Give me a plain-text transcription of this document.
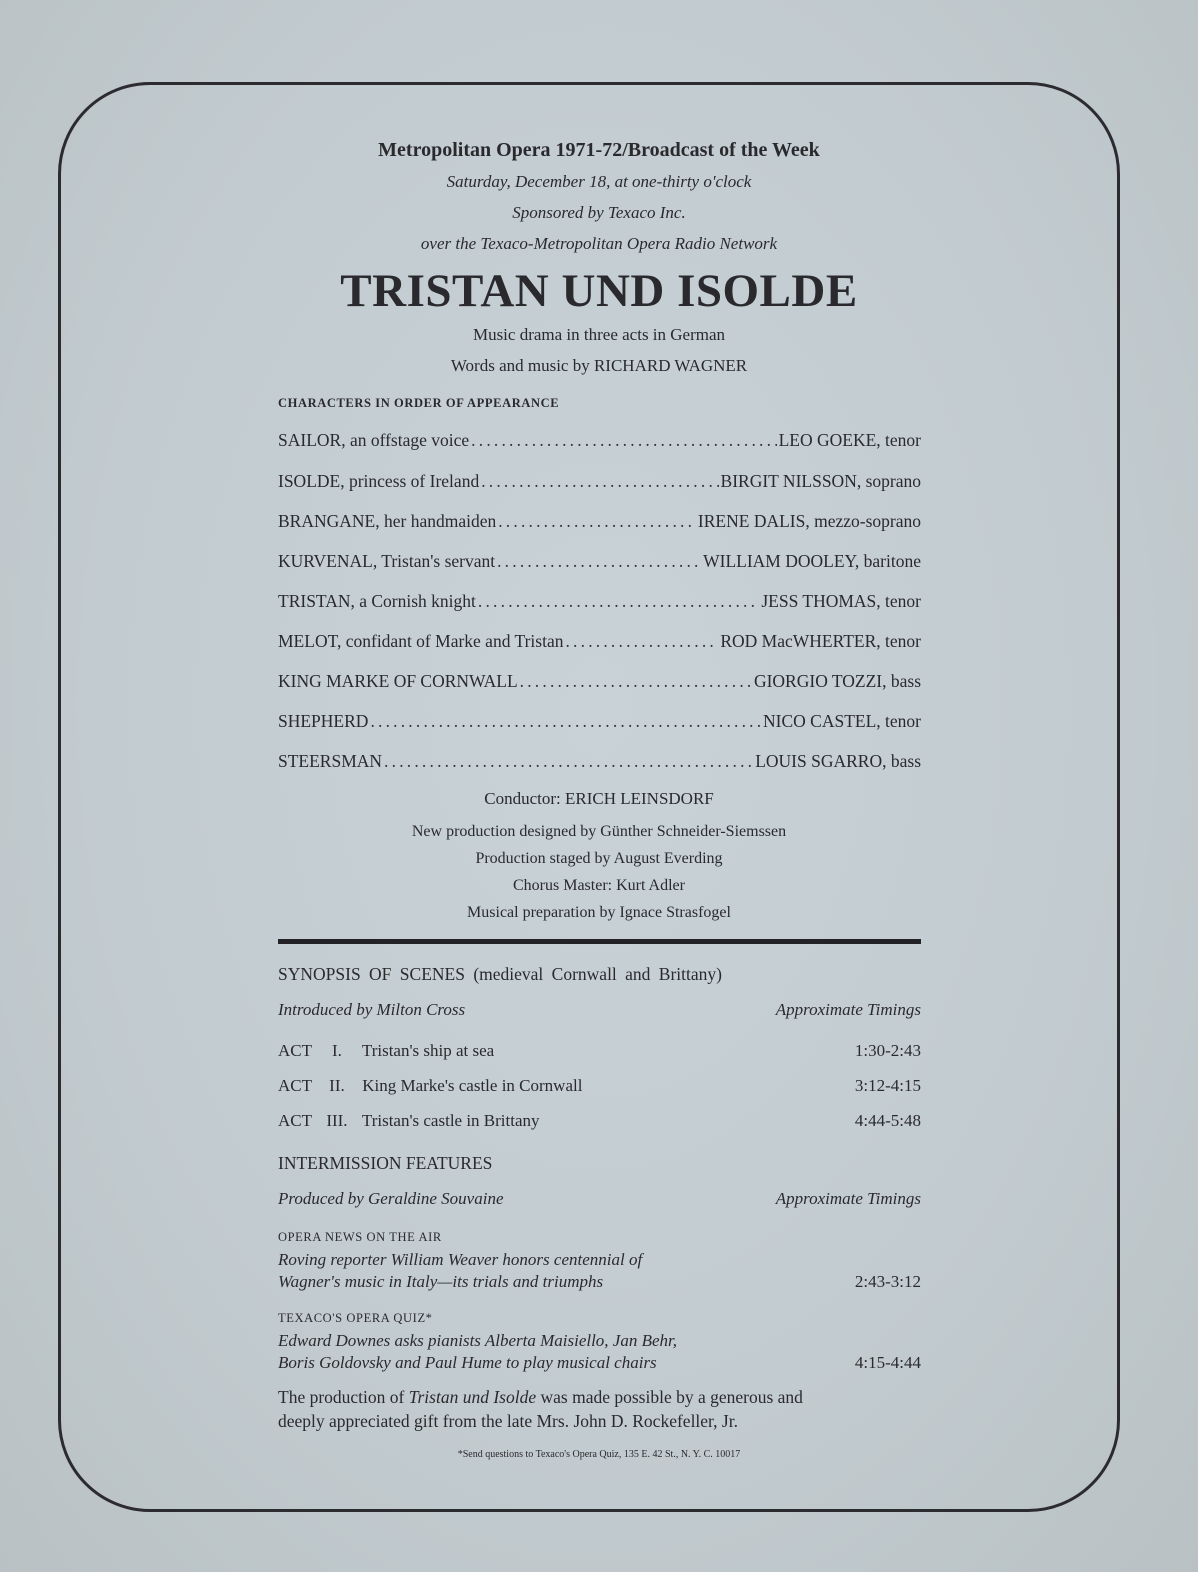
Metropolitan Opera 1971-72/Broadcast of the Week
Saturday, December 18, at one-thirty o'clock
Sponsored by Texaco Inc.
over the Texaco-Metropolitan Opera Radio Network
TRISTAN UND ISOLDE
Music drama in three acts in German
Words and music by RICHARD WAGNER
CHARACTERS IN ORDER OF APPEARANCE
SAILOR, an offstage voice .....	LEO GOEKE, tenor
ISOLDE, princess of Ireland .....	BIRGIT NILSSON, soprano
BRANGANE, her handmaiden .....	IRENE DALIS, mezzo-soprano
KURVENAL, Tristan's servant .....	WILLIAM DOOLEY, baritone
TRISTAN, a Cornish knight .....	JESS THOMAS, tenor
MELOT, confidant of Marke and Tristan .....	ROD MacWHERTER, tenor
KING MARKE OF CORNWALL .....	GIORGIO TOZZI, bass
SHEPHERD .....	NICO CASTEL, tenor
STEERSMAN .....	LOUIS SGARRO, bass
Conductor: ERICH LEINSDORF
New production designed by Günther Schneider-Siemssen
Production staged by August Everding
Chorus Master: Kurt Adler
Musical preparation by Ignace Strasfogel
SYNOPSIS OF SCENES (medieval Cornwall and Brittany)
Introduced by Milton Cross	Approximate Timings
ACT I. Tristan's ship at sea	1:30-2:43
ACT II. King Marke's castle in Cornwall	3:12-4:15
ACT III. Tristan's castle in Brittany	4:44-5:48
INTERMISSION FEATURES
Produced by Geraldine Souvaine	Approximate Timings
OPERA NEWS ON THE AIR
Roving reporter William Weaver honors centennial of
Wagner's music in Italy—its trials and triumphs	2:43-3:12
TEXACO'S OPERA QUIZ*
Edward Downes asks pianists Alberta Maisiello, Jan Behr,
Boris Goldovsky and Paul Hume to play musical chairs	4:15-4:44
The production of Tristan und Isolde was made possible by a generous and
deeply appreciated gift from the late Mrs. John D. Rockefeller, Jr.
*Send questions to Texaco's Opera Quiz, 135 E. 42 St., N. Y. C. 10017
